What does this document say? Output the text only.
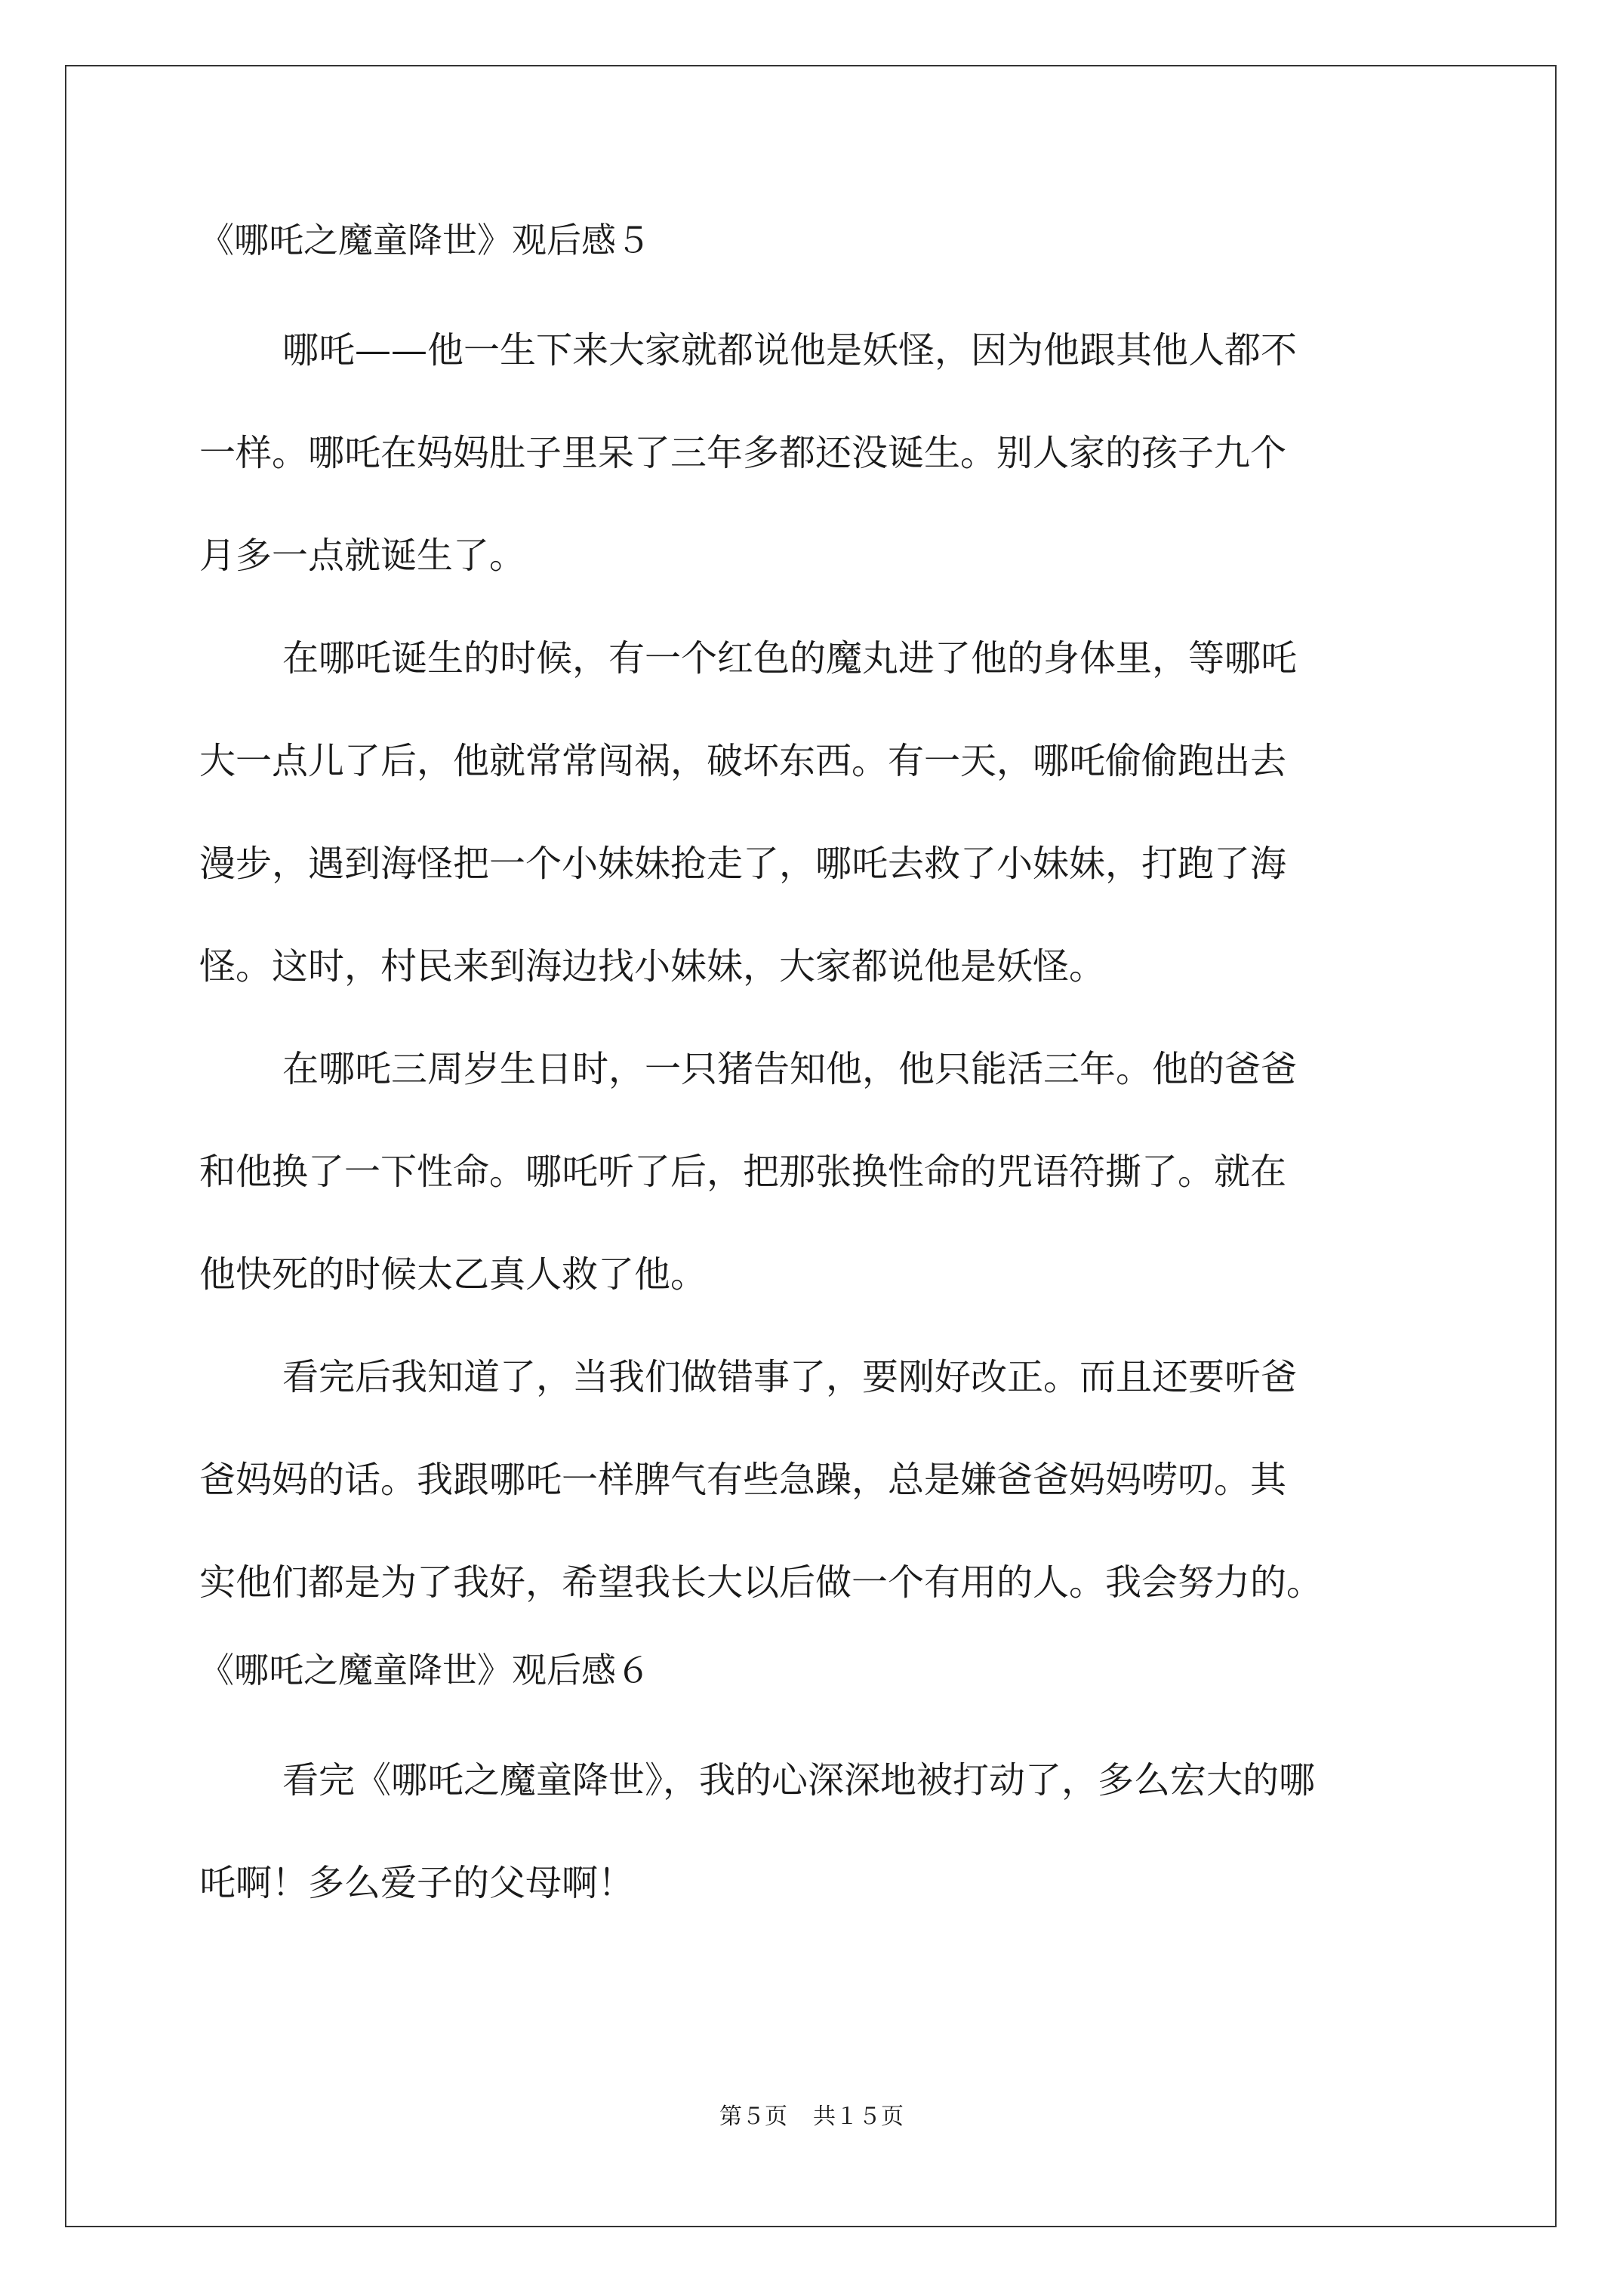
《哪吒之魔童降世》观后感５
哪吒——他一生下来大家就都说他是妖怪，因为他跟其他人都不
一样。哪吒在妈妈肚子里呆了三年多都还没诞生。别人家的孩子九个
月多一点就诞生了。
在哪吒诞生的时候，有一个红色的魔丸进了他的身体里，等哪吒
大一点儿了后，他就常常闯祸，破坏东西。有一天，哪吒偷偷跑出去
漫步，遇到海怪把一个小妹妹抢走了，哪吒去救了小妹妹，打跑了海
怪。这时，村民来到海边找小妹妹，大家都说他是妖怪。
在哪吒三周岁生日时，一只猪告知他，他只能活三年。他的爸爸
和他换了一下性命。哪吒听了后，把那张换性命的咒语符撕了。就在
他快死的时候太乙真人救了他。
看完后我知道了，当我们做错事了，要刚好改正。而且还要听爸
爸妈妈的话。我跟哪吒一样脾气有些急躁，总是嫌爸爸妈妈唠叨。其
实他们都是为了我好，希望我长大以后做一个有用的人。我会努力的。
《哪吒之魔童降世》观后感６
看完《哪吒之魔童降世》，我的心深深地被打动了，多么宏大的哪
吒啊！多么爱子的父母啊！
第５页 共１５页
